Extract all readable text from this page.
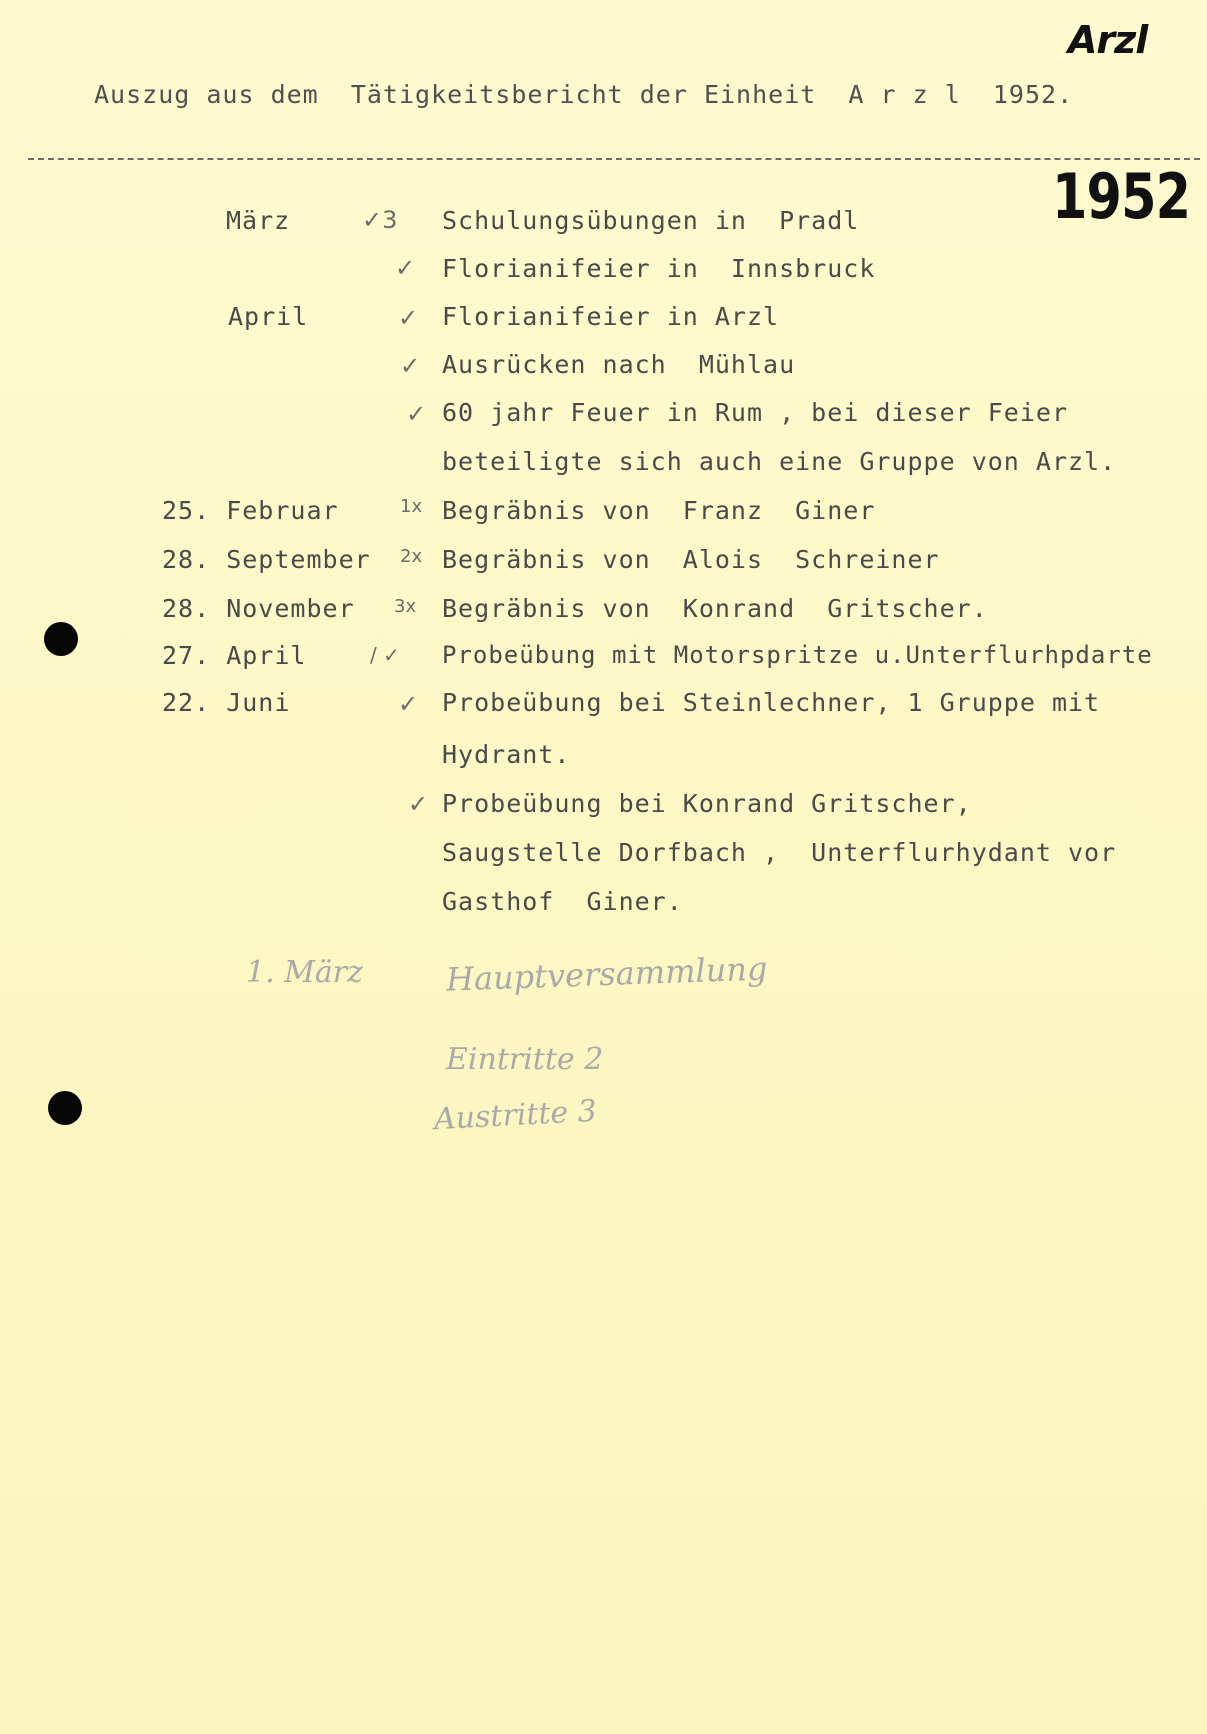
Arzl
1952
Auszug aus dem  Tätigkeitsbericht der Einheit  A r z l  1952.
März	✓3 Schulungsübungen in  Pradl
✓ Florianifeier in  Innsbruck
April	✓ Florianifeier in Arzl
✓ Ausrücken nach  Mühlau
✓ 60 jahr Feuer in Rum , bei dieser Feier
beteiligte sich auch eine Gruppe von Arzl.
25. Februar	1x Begräbnis von  Franz  Giner
28. September 2x Begräbnis von  Alois  Schreiner
28. November 3x Begräbnis von  Konrand  Gritscher.
27. April	/ ✓ Probeübung mit Motorspritze u.Unterflurhpdarte
22. Juni	✓ Probeübung bei Steinlechner, 1 Gruppe mit
Hydrant.
✓ Probeübung bei Konrand Gritscher,
Saugstelle Dorfbach ,  Unterflurhydant vor
Gasthof  Giner.
1. März	Hauptversammlung
Eintritte 2
Austritte 3
